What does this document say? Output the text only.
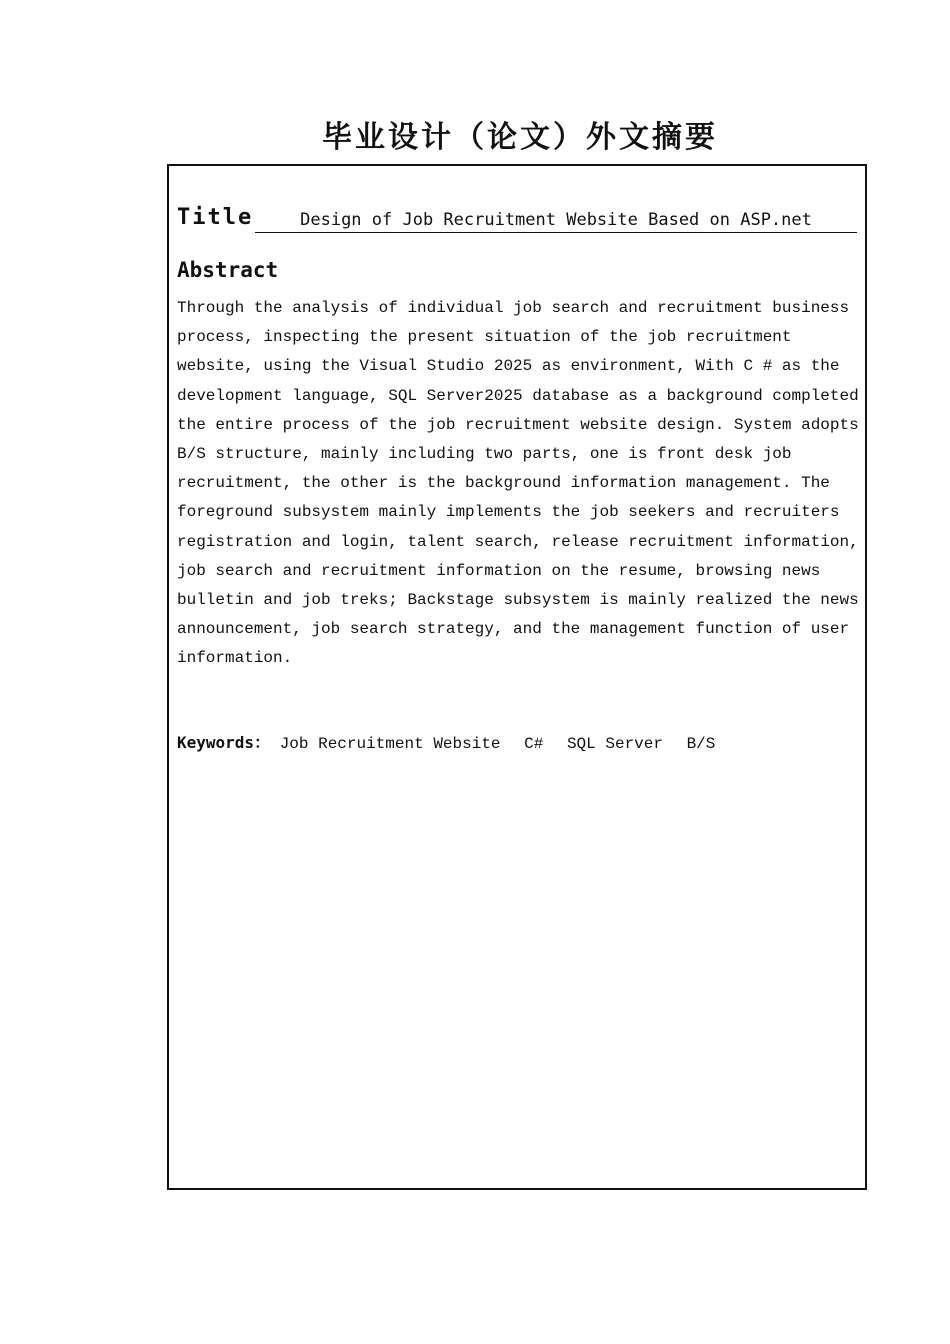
毕业设计（论文）外文摘要
Title	Design of Job Recruitment Website Based on ASP.net
Abstract
Through the analysis of individual job search and recruitment business
process, inspecting the present situation of the job recruitment
website, using the Visual Studio 2025 as environment, With C # as the
development language, SQL Server2025 database as a background completed
the entire process of the job recruitment website design. System adopts
B/S structure, mainly including two parts, one is front desk job
recruitment, the other is the background information management. The
foreground subsystem mainly implements the job seekers and recruiters
registration and login, talent search, release recruitment information,
job search and recruitment information on the resume, browsing news
bulletin and job treks; Backstage subsystem is mainly realized the news
announcement, job search strategy, and the management function of user
information.
Keywords： Job Recruitment Website C# SQL Server B/S
